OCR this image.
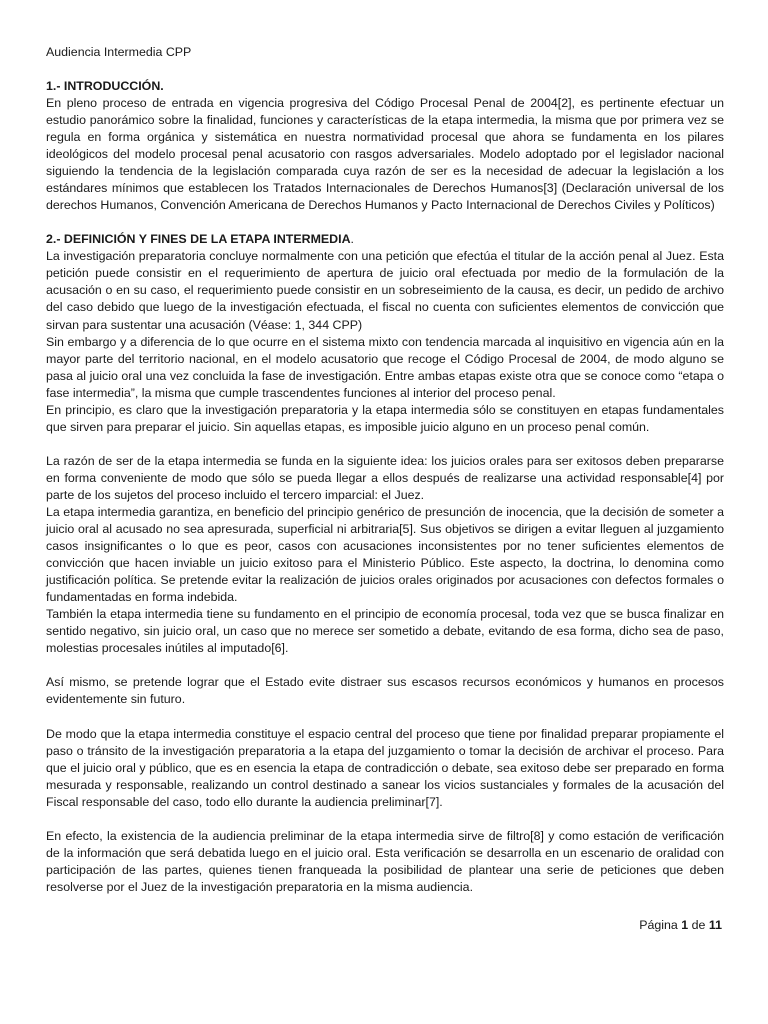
Audiencia Intermedia CPP
1.- INTRODUCCIÓN.

En pleno proceso de entrada en vigencia progresiva del Código Procesal Penal de 2004[2], es pertinente efectuar un estudio panorámico sobre la finalidad, funciones y características de la etapa intermedia, la misma que por primera vez se regula en forma orgánica y sistemática en nuestra normatividad procesal que ahora se fundamenta en los pilares ideológicos del modelo procesal penal acusatorio con rasgos adversariales. Modelo adoptado por el legislador nacional siguiendo la tendencia de la legislación comparada cuya razón de ser es la necesidad de adecuar la legislación a los estándares mínimos que establecen los Tratados Internacionales de Derechos Humanos[3] (Declaración universal de los derechos Humanos, Convención Americana de Derechos Humanos y Pacto Internacional de Derechos Civiles y Políticos)

2.- DEFINICIÓN Y FINES DE LA ETAPA INTERMEDIA.

La investigación preparatoria concluye normalmente con una petición que efectúa el titular de la acción penal al Juez. Esta petición puede consistir en el requerimiento de apertura de juicio oral efectuada por medio de la formulación de la acusación o en su caso, el requerimiento puede consistir en un sobreseimiento de la causa, es decir, un pedido de archivo del caso debido que luego de la investigación efectuada, el fiscal no cuenta con suficientes elementos de convicción que sirvan para sustentar una acusación (Véase: 1, 344 CPP)

Sin embargo y a diferencia de lo que ocurre en el sistema mixto con tendencia marcada al inquisitivo en vigencia aún en la mayor parte del territorio nacional, en el modelo acusatorio que recoge el Código Procesal de 2004, de modo alguno se pasa al juicio oral una vez concluida la fase de investigación. Entre ambas etapas existe otra que se conoce como “etapa o fase intermedia”, la misma que cumple trascendentes funciones al interior del proceso penal.

En principio, es claro que la investigación preparatoria y la etapa intermedia sólo se constituyen en etapas fundamentales que sirven para preparar el juicio. Sin aquellas etapas, es imposible juicio alguno en un proceso penal común.

La razón de ser de la etapa intermedia se funda en la siguiente idea: los juicios orales para ser exitosos deben prepararse en forma conveniente de modo que sólo se pueda llegar a ellos después de realizarse una actividad responsable[4] por parte de los sujetos del proceso incluido el tercero imparcial: el Juez.

La etapa intermedia garantiza, en beneficio del principio genérico de presunción de inocencia, que la decisión de someter a juicio oral al acusado no sea apresurada, superficial ni arbitraria[5]. Sus objetivos se dirigen a evitar lleguen al juzgamiento casos insignificantes o lo que es peor, casos con acusaciones inconsistentes por no tener suficientes elementos de convicción que hacen inviable un juicio exitoso para el Ministerio Público. Este aspecto, la doctrina, lo denomina como justificación política. Se pretende evitar la realización de juicios orales originados por acusaciones con defectos formales o fundamentadas en forma indebida.

También la etapa intermedia tiene su fundamento en el principio de economía procesal, toda vez que se busca finalizar en sentido negativo, sin juicio oral, un caso que no merece ser sometido a debate, evitando de esa forma, dicho sea de paso, molestias procesales inútiles al imputado[6].

Así mismo, se pretende lograr que el Estado evite distraer sus escasos recursos económicos y humanos en procesos evidentemente sin futuro.

De modo que la etapa intermedia constituye el espacio central del proceso que tiene por finalidad preparar propiamente el paso o tránsito de la investigación preparatoria a la etapa del juzgamiento o tomar la decisión de archivar el proceso. Para que el juicio oral y público, que es en esencia la etapa de contradicción o debate, sea exitoso debe ser preparado en forma mesurada y responsable, realizando un control destinado a sanear los vicios sustanciales y formales de la acusación del Fiscal responsable del caso, todo ello durante la audiencia preliminar[7].

En efecto, la existencia de la audiencia preliminar de la etapa intermedia sirve de filtro[8] y como estación de verificación de la información que será debatida luego en el juicio oral. Esta verificación se desarrolla en un escenario de oralidad con participación de las partes, quienes tienen franqueada la posibilidad de plantear una serie de peticiones que deben resolverse por el Juez de la investigación preparatoria en la misma audiencia.

Página 1 de 11
